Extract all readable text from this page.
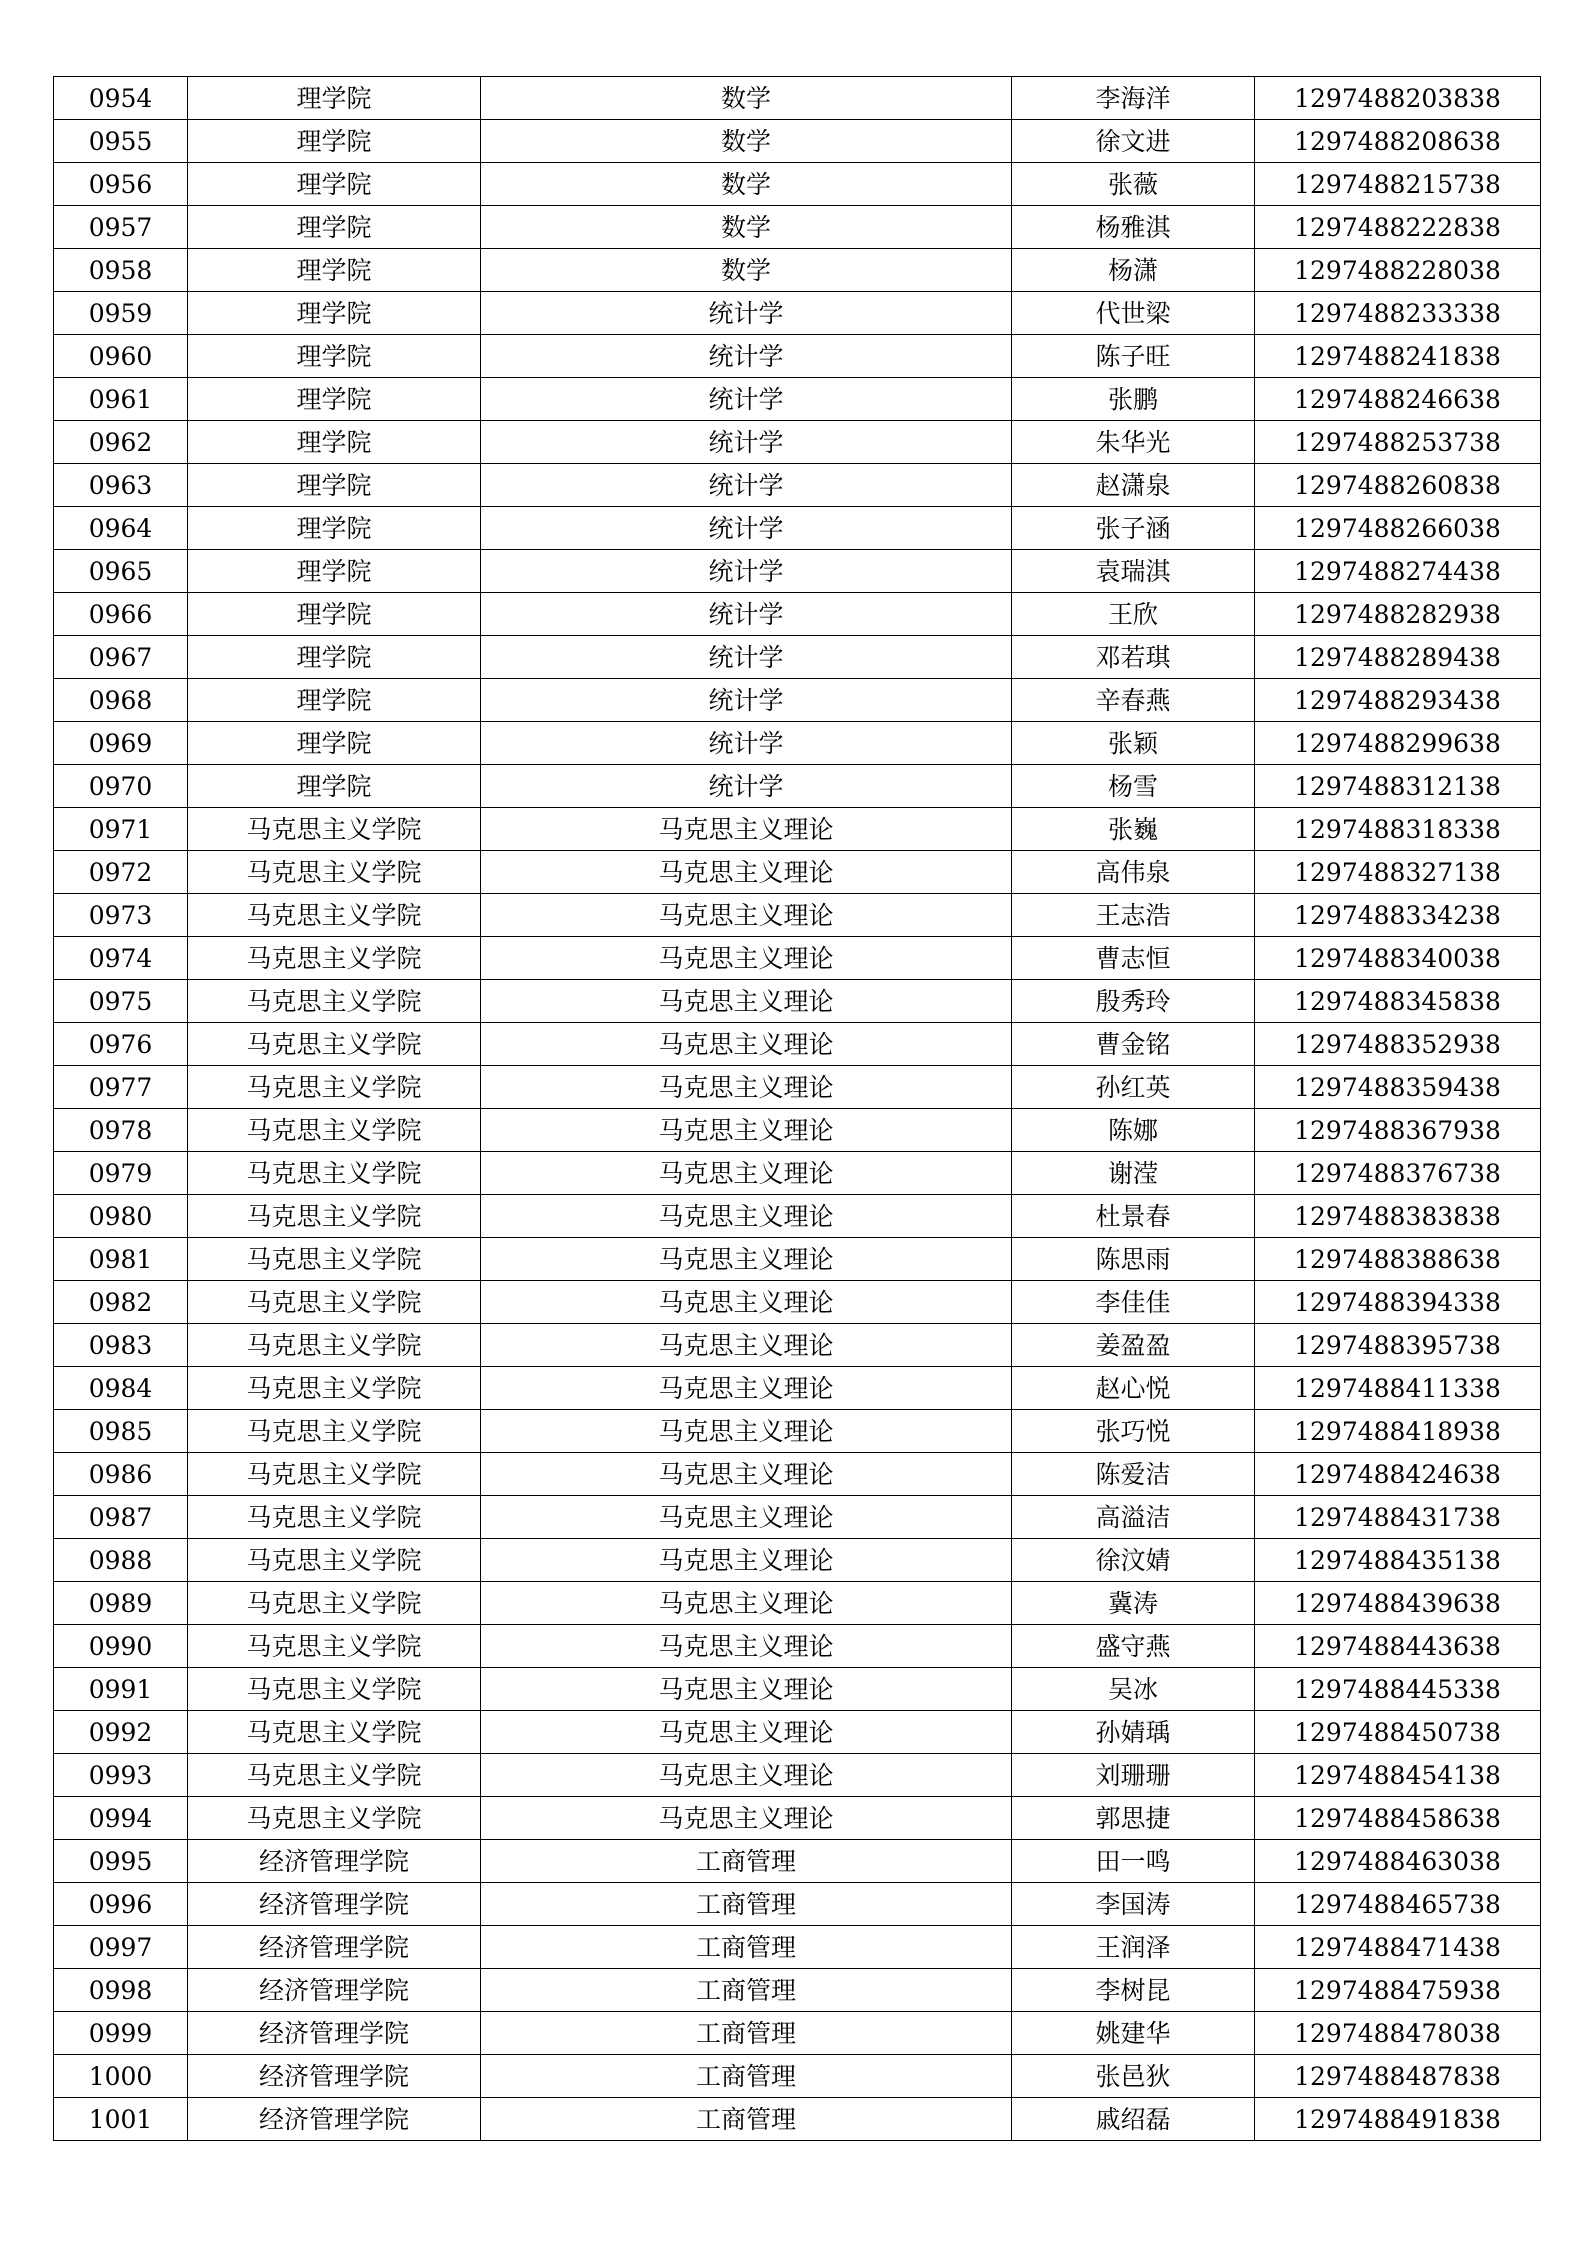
0954	理学院	数学	李海洋	1297488203838
0955	理学院	数学	徐文进	1297488208638
0956	理学院	数学	张薇	1297488215738
0957	理学院	数学	杨雅淇	1297488222838
0958	理学院	数学	杨潇	1297488228038
0959	理学院	统计学	代世梁	1297488233338
0960	理学院	统计学	陈子旺	1297488241838
0961	理学院	统计学	张鹏	1297488246638
0962	理学院	统计学	朱华光	1297488253738
0963	理学院	统计学	赵潇泉	1297488260838
0964	理学院	统计学	张子涵	1297488266038
0965	理学院	统计学	袁瑞淇	1297488274438
0966	理学院	统计学	王欣	1297488282938
0967	理学院	统计学	邓若琪	1297488289438
0968	理学院	统计学	辛春燕	1297488293438
0969	理学院	统计学	张颖	1297488299638
0970	理学院	统计学	杨雪	1297488312138
0971	马克思主义学院	马克思主义理论	张巍	1297488318338
0972	马克思主义学院	马克思主义理论	高伟泉	1297488327138
0973	马克思主义学院	马克思主义理论	王志浩	1297488334238
0974	马克思主义学院	马克思主义理论	曹志恒	1297488340038
0975	马克思主义学院	马克思主义理论	殷秀玲	1297488345838
0976	马克思主义学院	马克思主义理论	曹金铭	1297488352938
0977	马克思主义学院	马克思主义理论	孙红英	1297488359438
0978	马克思主义学院	马克思主义理论	陈娜	1297488367938
0979	马克思主义学院	马克思主义理论	谢滢	1297488376738
0980	马克思主义学院	马克思主义理论	杜景春	1297488383838
0981	马克思主义学院	马克思主义理论	陈思雨	1297488388638
0982	马克思主义学院	马克思主义理论	李佳佳	1297488394338
0983	马克思主义学院	马克思主义理论	姜盈盈	1297488395738
0984	马克思主义学院	马克思主义理论	赵心悦	1297488411338
0985	马克思主义学院	马克思主义理论	张巧悦	1297488418938
0986	马克思主义学院	马克思主义理论	陈爱洁	1297488424638
0987	马克思主义学院	马克思主义理论	高溢洁	1297488431738
0988	马克思主义学院	马克思主义理论	徐汶婧	1297488435138
0989	马克思主义学院	马克思主义理论	冀涛	1297488439638
0990	马克思主义学院	马克思主义理论	盛守燕	1297488443638
0991	马克思主义学院	马克思主义理论	吴冰	1297488445338
0992	马克思主义学院	马克思主义理论	孙婧瑀	1297488450738
0993	马克思主义学院	马克思主义理论	刘珊珊	1297488454138
0994	马克思主义学院	马克思主义理论	郭思捷	1297488458638
0995	经济管理学院	工商管理	田一鸣	1297488463038
0996	经济管理学院	工商管理	李国涛	1297488465738
0997	经济管理学院	工商管理	王润泽	1297488471438
0998	经济管理学院	工商管理	李树昆	1297488475938
0999	经济管理学院	工商管理	姚建华	1297488478038
1000	经济管理学院	工商管理	张邑狄	1297488487838
1001	经济管理学院	工商管理	戚绍磊	1297488491838
